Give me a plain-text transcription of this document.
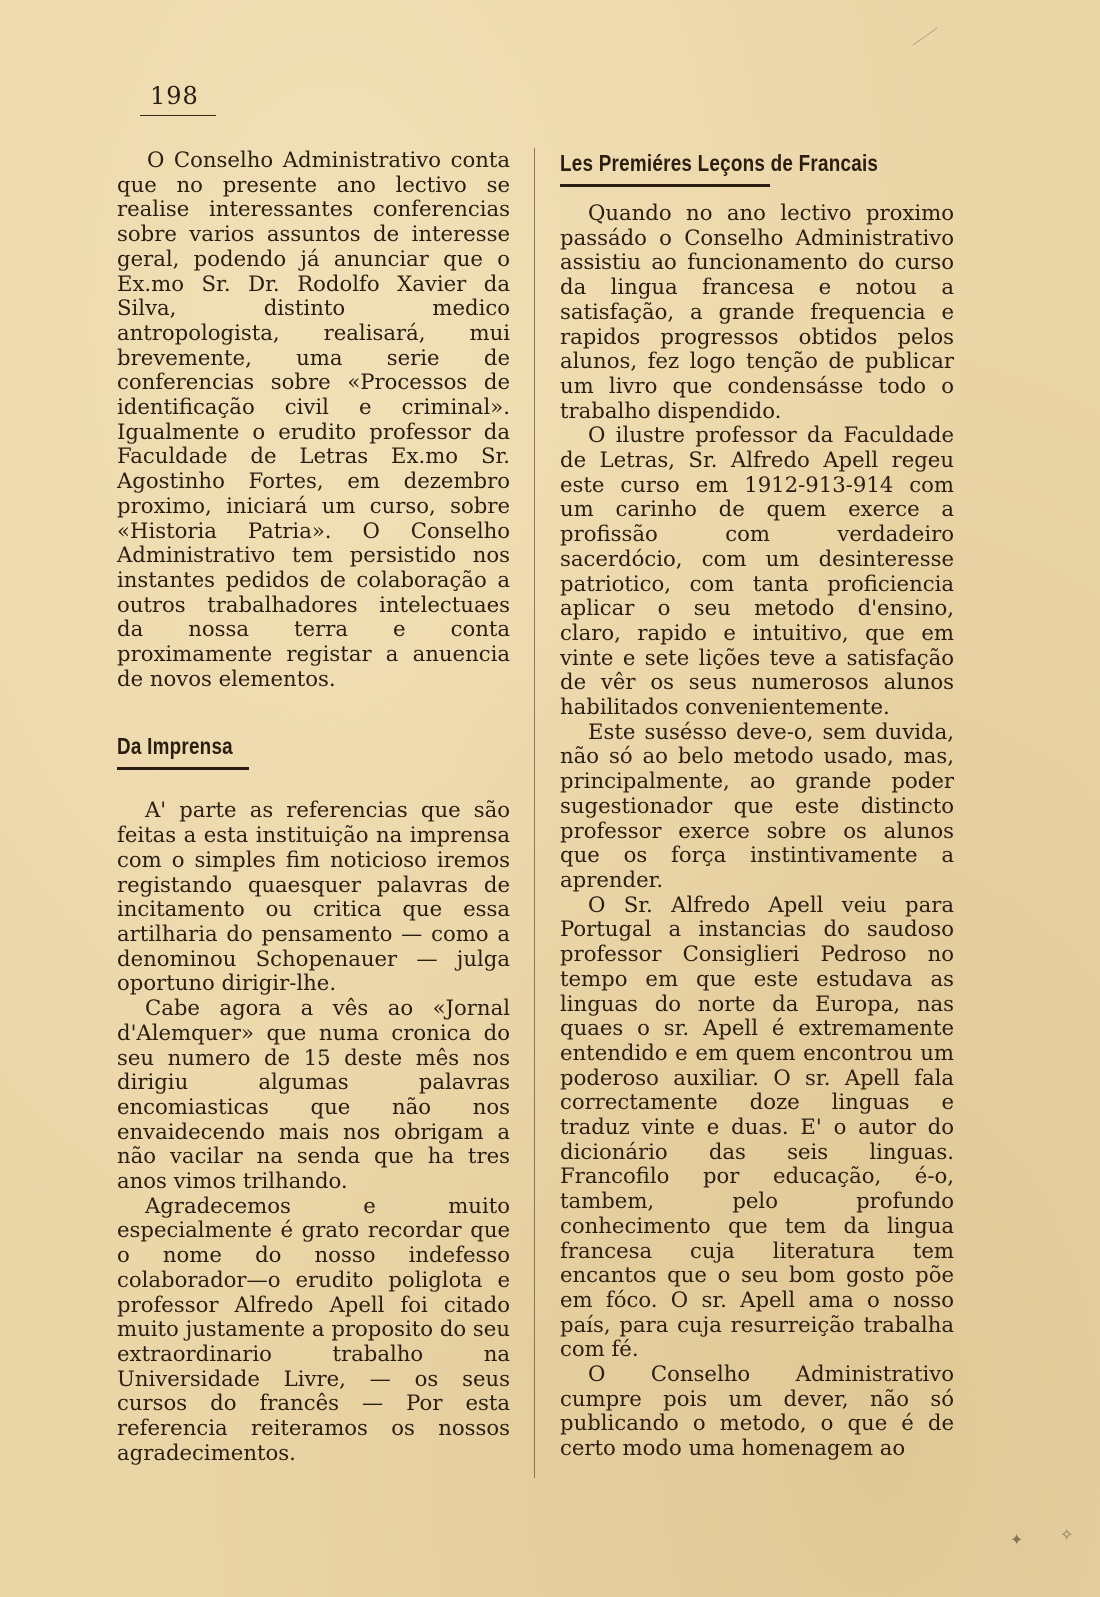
198

O Conselho Administrativo conta que no presente ano lectivo se realise interessantes conferencias sobre varios assuntos de interesse geral, podendo já anunciar que o Ex.mo Sr. Dr. Rodolfo Xavier da Silva, distinto medico antropologista, realisará, mui brevemente, uma serie de conferencias sobre «Processos de identificação civil e criminal». Igualmente o erudito professor da Faculdade de Letras Ex.mo Sr. Agostinho Fortes, em dezembro proximo, iniciará um curso, sobre «Historia Patria». O Conselho Administrativo tem persistido nos instantes pedidos de colaboração a outros trabalhadores intelectuaes da nossa terra e conta proximamente registar a anuencia de novos elementos.

Da Imprensa

A' parte as referencias que são feitas a esta instituição na imprensa com o simples fim noticioso iremos registando quaesquer palavras de incitamento ou critica que essa artilharia do pensamento — como a denominou Schopenauer — julga oportuno dirigir-lhe.

Cabe agora a vês ao «Jornal d'Alemquer» que numa cronica do seu numero de 15 deste mês nos dirigiu algumas palavras encomiasticas que não nos envaidecendo mais nos obrigam a não vacilar na senda que ha tres anos vimos trilhando.

Agradecemos e muito especialmente é grato recordar que o nome do nosso indefesso colaborador—o erudito poliglota e professor Alfredo Apell foi citado muito justamente a proposito do seu extraordinario trabalho na Universidade Livre, — os seus cursos do francês — Por esta referencia reiteramos os nossos agradecimentos.

Les Premiéres Leçons de Francais

Quando no ano lectivo proximo passádo o Conselho Administrativo assistiu ao funcionamento do curso da lingua francesa e notou a satisfação, a grande frequencia e rapidos progressos obtidos pelos alunos, fez logo tenção de publicar um livro que condensásse todo o trabalho dispendido.

O ilustre professor da Faculdade de Letras, Sr. Alfredo Apell regeu este curso em 1912-913-914 com um carinho de quem exerce a profissão com verdadeiro sacerdócio, com um desinteresse patriotico, com tanta proficiencia aplicar o seu metodo d'ensino, claro, rapido e intuitivo, que em vinte e sete lições teve a satisfação de vêr os seus numerosos alunos habilitados convenientemente.

Este susésso deve-o, sem duvida, não só ao belo metodo usado, mas, principalmente, ao grande poder sugestionador que este distincto professor exerce sobre os alunos que os força instintivamente a aprender.

O Sr. Alfredo Apell veiu para Portugal a instancias do saudoso professor Consiglieri Pedroso no tempo em que este estudava as linguas do norte da Europa, nas quaes o sr. Apell é extremamente entendido e em quem encontrou um poderoso auxiliar. O sr. Apell fala correctamente doze linguas e traduz vinte e duas. E' o autor do dicionário das seis linguas. Francofilo por educação, é-o, tambem, pelo profundo conhecimento que tem da lingua francesa cuja literatura tem encantos que o seu bom gosto põe em fóco. O sr. Apell ama o nosso país, para cuja resurreição trabalha com fé.

O Conselho Administrativo cumpre pois um dever, não só publicando o metodo, o que é de certo modo uma homenagem ao

✦ ✧
